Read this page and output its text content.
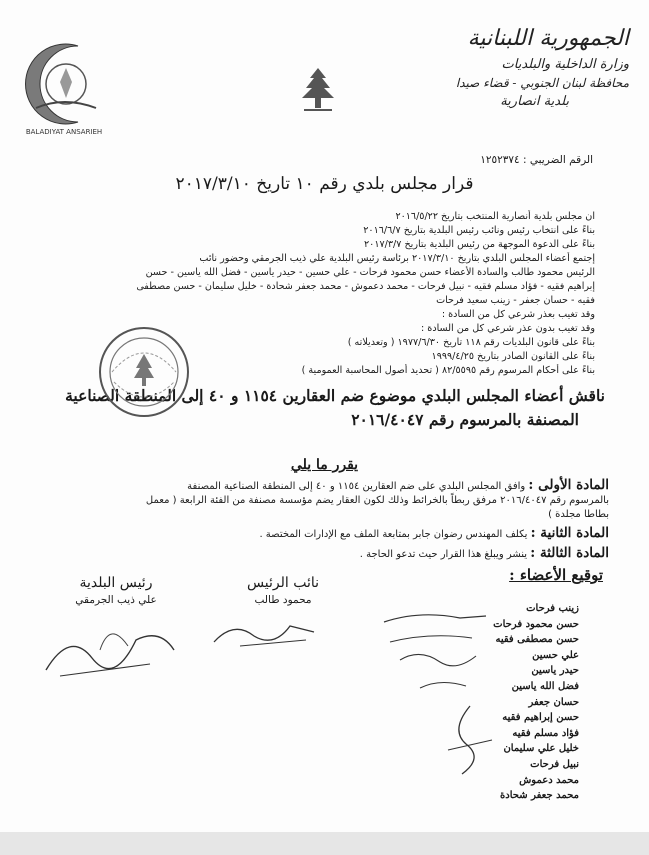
BALADIYAT ANSARIEH
الجمهورية اللبنانية
وزارة الداخلية والبلديات
محافظة لبنان الجنوبي - قضاء صيدا
بلدية انصارية
الرقم الضريبي : ١٢٥٢٣٧٤
قرار مجلس بلدي رقم ١٠ تاريخ ٢٠١٧/٣/١٠
ان مجلس بلدية أنصارية المنتخب بتاريخ ٢٠١٦/٥/٢٢
بناءً على انتخاب رئيس ونائب رئيس البلدية بتاريخ ٢٠١٦/٦/٧
بناءً على الدعوة الموجهة من رئيس البلدية بتاريخ ٢٠١٧/٣/٧
إجتمع أعضاء المجلس البلدي بتاريخ ٢٠١٧/٣/١٠ برئاسة رئيس البلدية علي ذيب الجرمقي وحضور نائب
الرئيس محمود طالب والسادة الأعضاء حسن محمود فرحات - علي حسين - حيدر ياسين - فضل الله ياسين - حسن
إبراهيم فقيه - فؤاد مسلم فقيه - نبيل فرحات - محمد دعموش - محمد جعفر شحادة - خليل سليمان - حسن مصطفى
فقيه - حسان جعفر - زينب سعيد فرحات
وقد تغيب بعذر شرعي كل من السادة :
وقد تغيب بدون عذر شرعي كل من السادة :
بناءً على قانون البلديات رقم ١١٨ تاريخ ١٩٧٧/٦/٣٠ ( وتعديلاته )
بناءً على القانون الصادر بتاريخ ١٩٩٩/٤/٢٥
بناءً على أحكام المرسوم رقم ٨٢/٥٥٩٥ ( تحديد أصول المحاسبة العمومية )
ناقش أعضاء المجلس البلدي موضوع ضم العقارين ١١٥٤ و ٤٠ إلى المنطقة الصناعية
المصنفة بالمرسوم رقم ٢٠١٦/٤٠٤٧
يقرر ما يلي
المادة الأولى : وافق المجلس البلدي على ضم العقارين ١١٥٤ و ٤٠ إلى المنطقة الصناعية المصنفة
بالمرسوم رقم ٢٠١٦/٤٠٤٧ مرفق ربطاً بالخرائط وذلك لكون العقار يضم مؤسسة مصنفة من الفئة الرابعة ( معمل
بطاطا مجلدة )
المادة الثانية : يكلف المهندس رضوان جابر بمتابعة الملف مع الإدارات المختصة .
المادة الثالثة : ينشر ويبلغ هذا القرار حيث تدعو الحاجة .
توقيع الأعضاء :
نائب الرئيس
محمود طالب
رئيس البلدية
علي ذيب الجرمقي
زينب فرحات
حسن محمود فرحات
حسن مصطفى فقيه
علي حسين
حيدر ياسين
فضل الله ياسين
حسان جعفر
حسن إبراهيم فقيه
فؤاد مسلم فقيه
خليل علي سليمان
نبيل فرحات
محمد دعموش
محمد جعفر شحادة
